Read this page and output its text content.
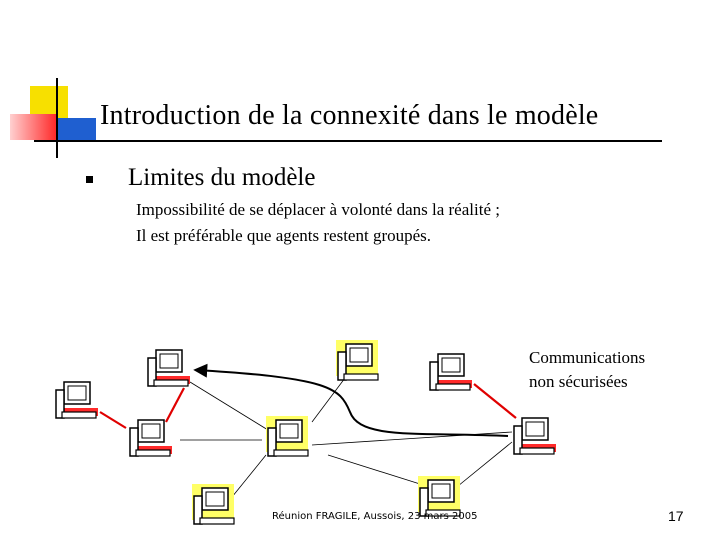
Introduction de la connexité dans le modèle
Limites du modèle
Impossibilité de se déplacer à volonté dans la réalité ;
Il est préférable que agents restent groupés.
Communications
non sécurisées
Réunion FRAGILE, Aussois, 23 mars 2005	17
